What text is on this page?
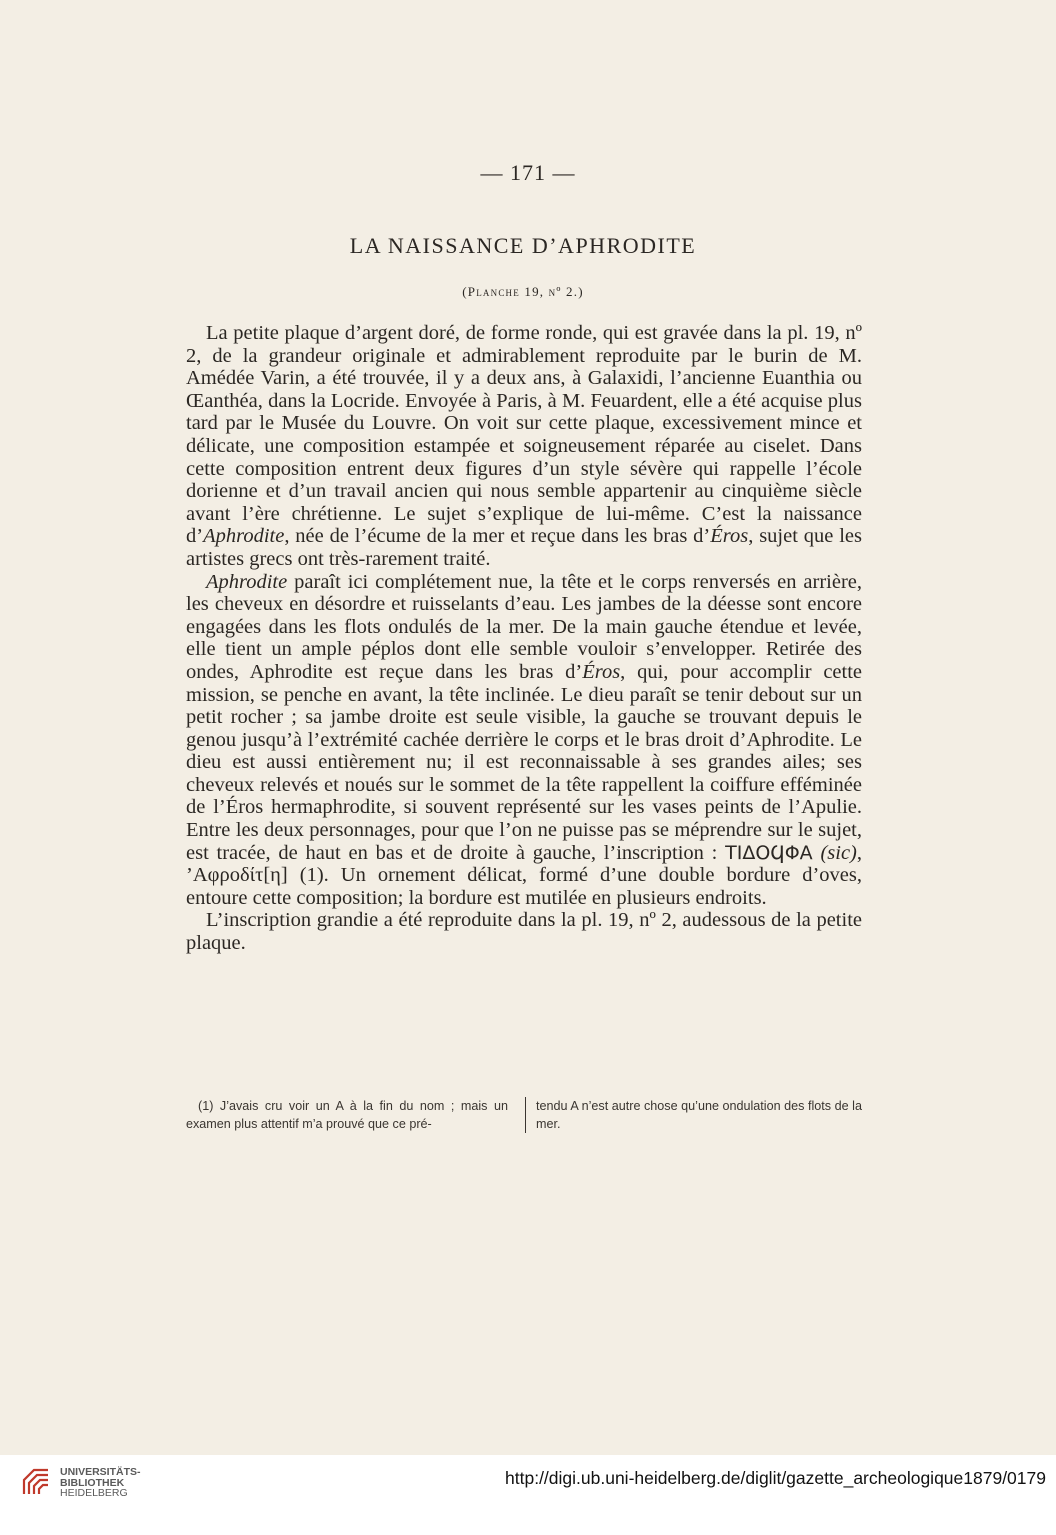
— 171 —
LA NAISSANCE D’APHRODITE
(Planche 19, nº 2.)

La petite plaque d’argent doré, de forme ronde, qui est gravée dans la pl. 19, nº 2, de la grandeur originale et admirablement reproduite par le burin de M. Amédée Varin, a été trouvée, il y a deux ans, à Galaxidi, l’ancienne Euanthia ou Œanthéa, dans la Locride. Envoyée à Paris, à M. Feuardent, elle a été acquise plus tard par le Musée du Louvre. On voit sur cette plaque, excessivement mince et délicate, une composition estampée et soigneusement réparée au ciselet. Dans cette composition entrent deux figures d’un style sévère qui rappelle l’école dorienne et d’un travail ancien qui nous semble appartenir au cinquième siècle avant l’ère chrétienne. Le sujet s’explique de lui-même. C’est la naissance d’Aphrodite, née de l’écume de la mer et reçue dans les bras d’Éros, sujet que les artistes grecs ont très-rarement traité.

Aphrodite paraît ici complétement nue, la tête et le corps renversés en arrière, les cheveux en désordre et ruisselants d’eau. Les jambes de la déesse sont encore engagées dans les flots ondulés de la mer. De la main gauche étendue et levée, elle tient un ample péplos dont elle semble vouloir s’envelopper. Retirée des ondes, Aphrodite est reçue dans les bras d’Éros, qui, pour accomplir cette mission, se penche en avant, la tête inclinée. Le dieu paraît se tenir debout sur un petit rocher ; sa jambe droite est seule visible, la gauche se trouvant depuis le genou jusqu’à l’extrémité cachée derrière le corps et le bras droit d’Aphrodite. Le dieu est aussi entièrement nu; il est reconnaissable à ses grandes ailes; ses cheveux relevés et noués sur le sommet de la tête rappellent la coiffure efféminée de l’Éros hermaphrodite, si souvent représenté sur les vases peints de l’Apulie. Entre les deux personnages, pour que l’on ne puisse pas se méprendre sur le sujet, est tracée, de haut en bas et de droite à gauche, l’inscription : ΤΙΔΟϤΦΑ (sic), ’Αφροδίτ[η] (1). Un ornement délicat, formé d’une double bordure d’oves, entoure cette composition; la bordure est mutilée en plusieurs endroits.

L’inscription grandie a été reproduite dans la pl. 19, nº 2, audessous de la petite plaque.

(1) J’avais cru voir un A à la fin du nom ; mais un examen plus attentif m’a prouvé que ce pré-
tendu A n’est autre chose qu’une ondulation des flots de la mer.
UNIVERSITÄTS-
BIBLIOTHEK
HEIDELBERG
http://digi.ub.uni-heidelberg.de/diglit/gazette_archeologique1879/0179
